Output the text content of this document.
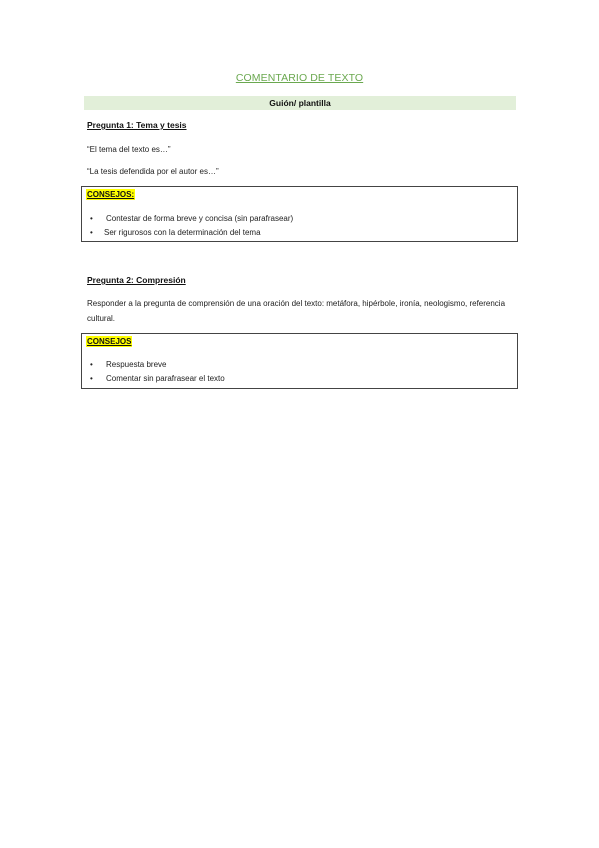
COMENTARIO DE TEXTO
Guión/ plantilla
Pregunta 1: Tema y tesis
“El tema del texto es…”
“La tesis defendida por el autor es…”
CONSEJOS:
•	Contestar de forma breve y concisa (sin parafrasear)
•	Ser rigurosos con la determinación del tema
Pregunta 2: Compresión
Responder a la pregunta de comprensión de una oración del texto: metáfora, hipérbole, ironía, neologismo, referencia cultural.
CONSEJOS
•	Respuesta breve
•	Comentar sin parafrasear el texto
